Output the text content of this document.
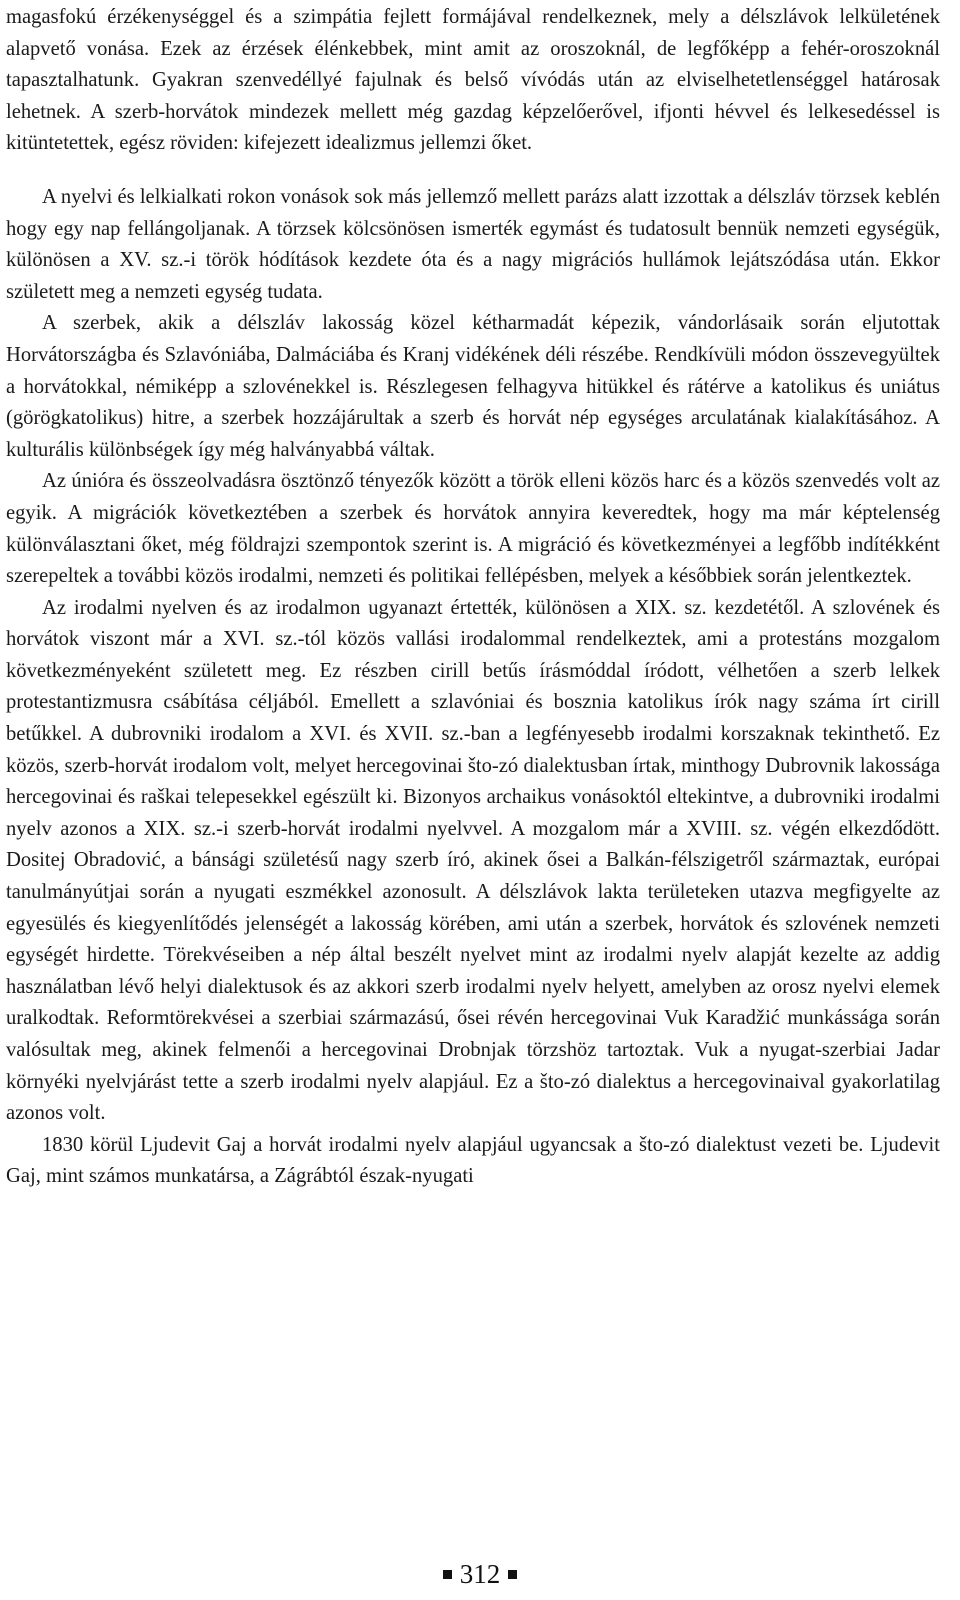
magasfokú érzékenységgel és a szimpátia fejlett formájával rendelkeznek, mely a délszlávok lelkületének alapvető vonása. Ezek az érzések élénkebbek, mint amit az oroszoknál, de legfőképp a fehér-oroszoknál tapasztalhatunk. Gyakran szenvedéllyé fajulnak és belső vívódás után az elviselhetetlenséggel határosak lehetnek. A szerb-horvátok mindezek mellett még gazdag képzelőerővel, ifjonti hévvel és lelkesedéssel is kitüntetettek, egész röviden: kifejezett idealizmus jellemzi őket.

A nyelvi és lelkialkati rokon vonások sok más jellemző mellett parázs alatt izzottak a délszláv törzsek keblén hogy egy nap fellángoljanak. A törzsek kölcsönösen ismerték egymást és tudatosult bennük nemzeti egységük, különösen a XV. sz.-i török hódítások kezdete óta és a nagy migrációs hullámok lejátszódása után. Ekkor született meg a nemzeti egység tudata.

A szerbek, akik a délszláv lakosság közel kétharmadát képezik, vándorlásaik során eljutottak Horvátországba és Szlavóniába, Dalmáciába és Kranj vidékének déli részébe. Rendkívüli módon összevegyültek a horvátokkal, némiképp a szlovénekkel is. Részlegesen felhagyva hitükkel és rátérve a katolikus és uniátus (görögkatolikus) hitre, a szerbek hozzájárultak a szerb és horvát nép egységes arculatának kialakításához. A kulturális különbségek így még halványabbá váltak.

Az únióra és összeolvadásra ösztönző tényezők között a török elleni közös harc és a közös szenvedés volt az egyik. A migrációk következtében a szerbek és horvátok annyira keveredtek, hogy ma már képtelenség különválasztani őket, még földrajzi szempontok szerint is. A migráció és következményei a legfőbb indítékként szerepeltek a további közös irodalmi, nemzeti és politikai fellépésben, melyek a későbbiek során jelentkeztek.

Az irodalmi nyelven és az irodalmon ugyanazt értették, különösen a XIX. sz. kezdetétől. A szlovének és horvátok viszont már a XVI. sz.-tól közös vallási irodalommal rendelkeztek, ami a protestáns mozgalom következményeként született meg. Ez részben cirill betűs írásmóddal íródott, vélhetően a szerb lelkek protestantizmusra csábítása céljából. Emellett a szlavóniai és bosznia katolikus írók nagy száma írt cirill betűkkel. A dubrovniki irodalom a XVI. és XVII. sz.-ban a legfényesebb irodalmi korszaknak tekinthető. Ez közös, szerb-horvát irodalom volt, melyet hercegovinai što-zó dialektusban írtak, minthogy Dubrovnik lakossága hercegovinai és raškai telepesekkel egészült ki. Bizonyos archaikus vonásoktól eltekintve, a dubrovniki irodalmi nyelv azonos a XIX. sz.-i szerb-horvát irodalmi nyelvvel. A mozgalom már a XVIII. sz. végén elkezdődött. Dositej Obradović, a bánsági születésű nagy szerb író, akinek ősei a Balkán-félszigetről származtak, európai tanulmányútjai során a nyugati eszmékkel azonosult. A délszlávok lakta területeken utazva megfigyelte az egyesülés és kiegyenlítődés jelenségét a lakosság körében, ami után a szerbek, horvátok és szlovének nemzeti egységét hirdette. Törekvéseiben a nép által beszélt nyelvet mint az irodalmi nyelv alapját kezelte az addig használatban lévő helyi dialektusok és az akkori szerb irodalmi nyelv helyett, amelyben az orosz nyelvi elemek uralkodtak. Reformtörekvései a szerbiai származású, ősei révén hercegovinai Vuk Karadžić munkássága során valósultak meg, akinek felmenői a hercegovinai Drobnjak törzshöz tartoztak. Vuk a nyugat-szerbiai Jadar környéki nyelvjárást tette a szerb irodalmi nyelv alapjául. Ez a što-zó dialektus a hercegovinaival gyakorlatilag azonos volt.

1830 körül Ljudevit Gaj a horvát irodalmi nyelv alapjául ugyancsak a što-zó dialektust vezeti be. Ljudevit Gaj, mint számos munkatársa, a Zágrábtól észak-nyugati

312
